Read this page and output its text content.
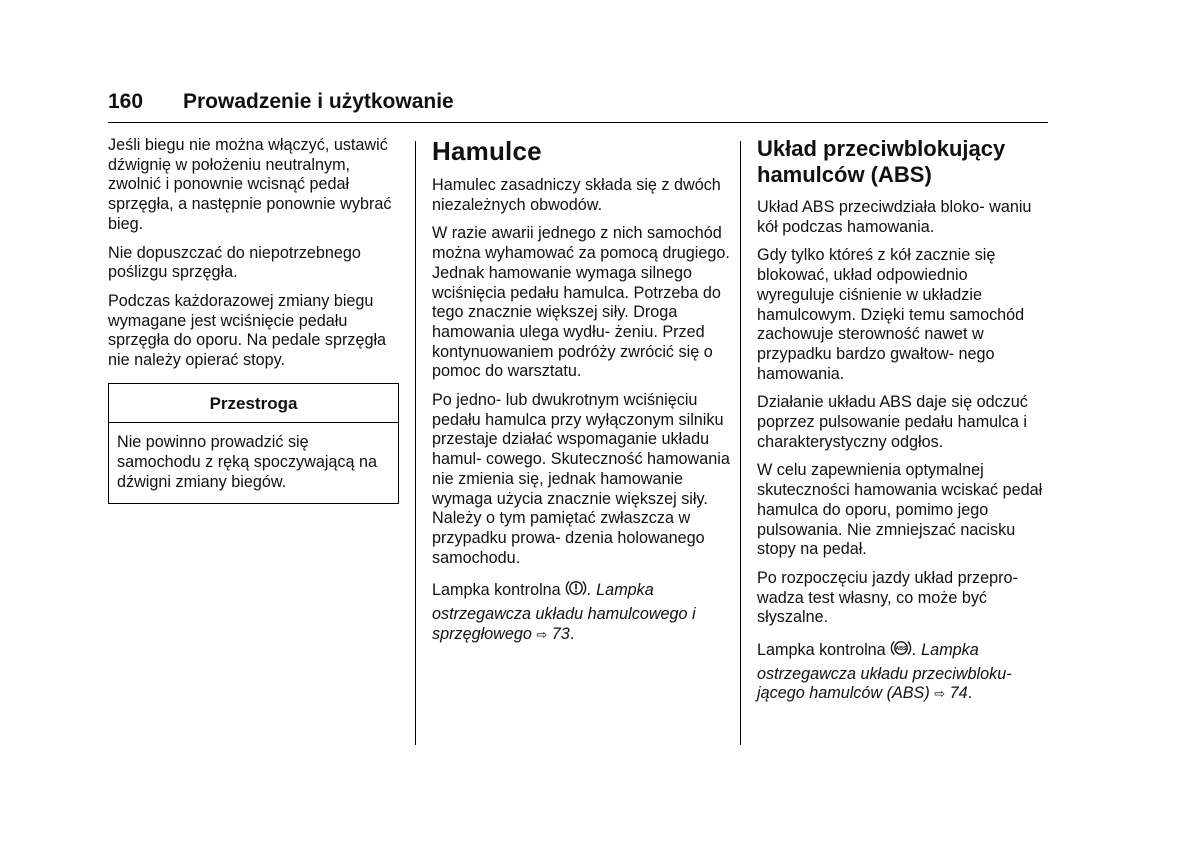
160 Prowadzenie i użytkowanie

Jeśli biegu nie można włączyć, ustawić dźwignię w położeniu neutralnym, zwolnić i ponownie wcisnąć pedał sprzęgła, a następnie ponownie wybrać bieg.

Nie dopuszczać do niepotrzebnego poślizgu sprzęgła.

Podczas każdorazowej zmiany biegu wymagane jest wciśnięcie pedału sprzęgła do oporu. Na pedale sprzęgła nie należy opierać stopy.

Przestroga
Nie powinno prowadzić się samochodu z ręką spoczywającą na dźwigni zmiany biegów.
Hamulce

Hamulec zasadniczy składa się z dwóch niezależnych obwodów.

W razie awarii jednego z nich samochód można wyhamować za pomocą drugiego. Jednak hamowanie wymaga silnego wciśnięcia pedału hamulca. Potrzeba do tego znacznie większej siły. Droga hamowania ulega wydłu- żeniu. Przed kontynuowaniem podróży zwrócić się o pomoc do warsztatu.

Po jedno- lub dwukrotnym wciśnięciu pedału hamulca przy wyłączonym silniku przestaje działać wspomaganie układu hamul- cowego. Skuteczność hamowania nie zmienia się, jednak hamowanie wymaga użycia znacznie większej siły. Należy o tym pamiętać zwłaszcza w przypadku prowa- dzenia holowanego samochodu.

Lampka kontrolna . Lampka ostrzegawcza układu hamulcowego i sprzęgłowego ⇨ 73.

Układ przeciwblokujący hamulców (ABS)

Układ ABS przeciwdziała bloko- waniu kół podczas hamowania.

Gdy tylko któreś z kół zacznie się blokować, układ odpowiednio wyreguluje ciśnienie w układzie hamulcowym. Dzięki temu samochód zachowuje sterowność nawet w przypadku bardzo gwałtow- nego hamowania.

Działanie układu ABS daje się odczuć poprzez pulsowanie pedału hamulca i charakterystyczny odgłos.

W celu zapewnienia optymalnej skuteczności hamowania wciskać pedał hamulca do oporu, pomimo jego pulsowania. Nie zmniejszać nacisku stopy na pedał.

Po rozpoczęciu jazdy układ przepro- wadza test własny, co może być słyszalne.

Lampka kontrolna ABS . Lampka ostrzegawcza układu przeciwbloku- jącego hamulców (ABS) ⇨ 74.
